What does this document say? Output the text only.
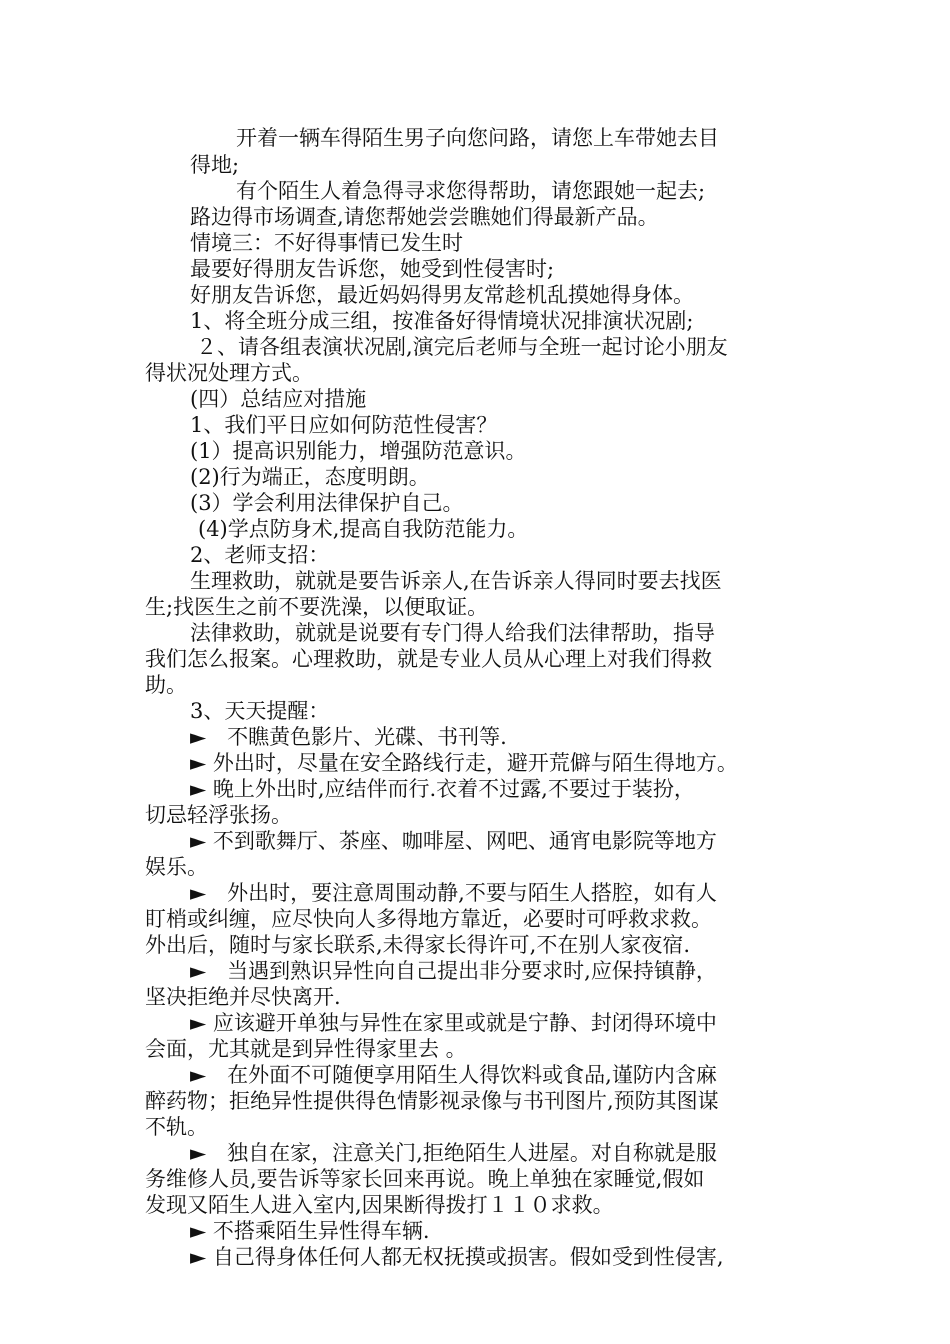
开着一辆车得陌生男子向您问路，请您上车带她去目
得地;
有个陌生人着急得寻求您得帮助，请您跟她一起去;
路边得市场调查,请您帮她尝尝瞧她们得最新产品。
情境三：不好得事情已发生时
最要好得朋友告诉您，她受到性侵害时;
好朋友告诉您，最近妈妈得男友常趁机乱摸她得身体。
1、将全班分成三组，按准备好得情境状况排演状况剧;
２、请各组表演状况剧,演完后老师与全班一起讨论小朋友
得状况处理方式。
(四）总结应对措施
1、我们平日应如何防范性侵害？
(1）提高识别能力，增强防范意识。
(2)行为端正，态度明朗。
(3）学会利用法律保护自己。
(4)学点防身术,提高自我防范能力。
2、老师支招：
生理救助，就就是要告诉亲人,在告诉亲人得同时要去找医
生;找医生之前不要洗澡，以便取证。
法律救助，就就是说要有专门得人给我们法律帮助，指导
我们怎么报案。心理救助，就是专业人员从心理上对我们得救
助。
3、天天提醒：
►　不瞧黄色影片、光碟、书刊等.
► 外出时，尽量在安全路线行走，避开荒僻与陌生得地方。
► 晚上外出时,应结伴而行.衣着不过露,不要过于装扮，
切忌轻浮张扬。
► 不到歌舞厅、茶座、咖啡屋、网吧、通宵电影院等地方
娱乐。
►　外出时，要注意周围动静,不要与陌生人搭腔，如有人
盯梢或纠缠，应尽快向人多得地方靠近，必要时可呼救求救。
外出后，随时与家长联系,未得家长得许可,不在别人家夜宿.
►　当遇到熟识异性向自己提出非分要求时,应保持镇静，
坚决拒绝并尽快离开.
► 应该避开单独与异性在家里或就是宁静、封闭得环境中
会面，尤其就是到异性得家里去 。
►　在外面不可随便享用陌生人得饮料或食品,谨防内含麻
醉药物；拒绝异性提供得色情影视录像与书刊图片,预防其图谋
不轨。
►　独自在家，注意关门,拒绝陌生人进屋。对自称就是服
务维修人员,要告诉等家长回来再说。晚上单独在家睡觉,假如
发现又陌生人进入室内,因果断得拨打１１０求救。
► 不搭乘陌生异性得车辆.
► 自己得身体任何人都无权抚摸或损害。假如受到性侵害,
